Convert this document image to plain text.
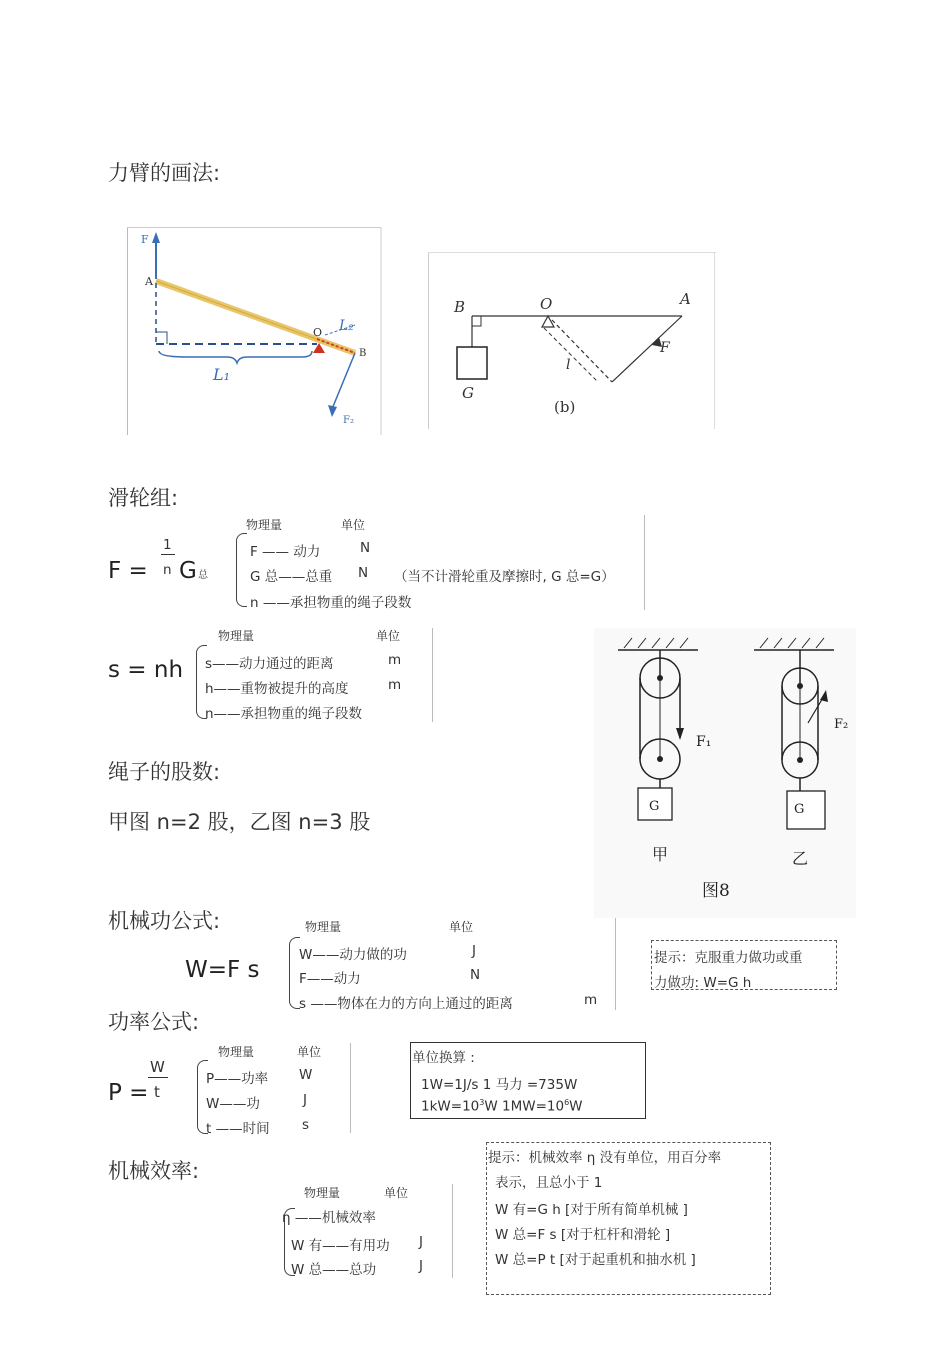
力臂的画法:
F
A
L₁
O
B
L₂
F₂
B	O	A
G
l
F
(b)
滑轮组:
F =
1
n G 总
物理量	单位
F —— 动力	N
G 总——总重 N （当不计滑轮重及摩擦时, G 总=G）
n ——承担物重的绳子段数
s = nh
物理量	单位
s——动力通过的距离	m
h——重物被提升的高度	m
n——承担物重的绳子段数
F₁
G
甲
F₂
G
乙
图8
绳子的股数:
甲图 n=2 股，乙图 n=3 股
机械功公式:
W=F s
物理量	单位
W——动力做的功	J
F——动力	N
s ——物体在力的方向上通过的距离	m
提示：克服重力做功或重
力做功: W=G h
功率公式:
P =
W
t
物理量	单位
P——功率 W
W——功	J
t ——时间 s
单位换算 :
1W=1J/s 1 马力 =735W
$1kW=10^3W$ $1MW=10^6W$
机械效率:
物理量	单位
η ——机械效率
W 有——有用功 J
W 总——总功	J
提示：机械效率 η 没有单位，用百分率
表示，且总小于 1
W 有=G h [对于所有简单机械 ]
W 总=F s [对于杠杆和滑轮 ]
W 总=P t [对于起重机和抽水机 ]
